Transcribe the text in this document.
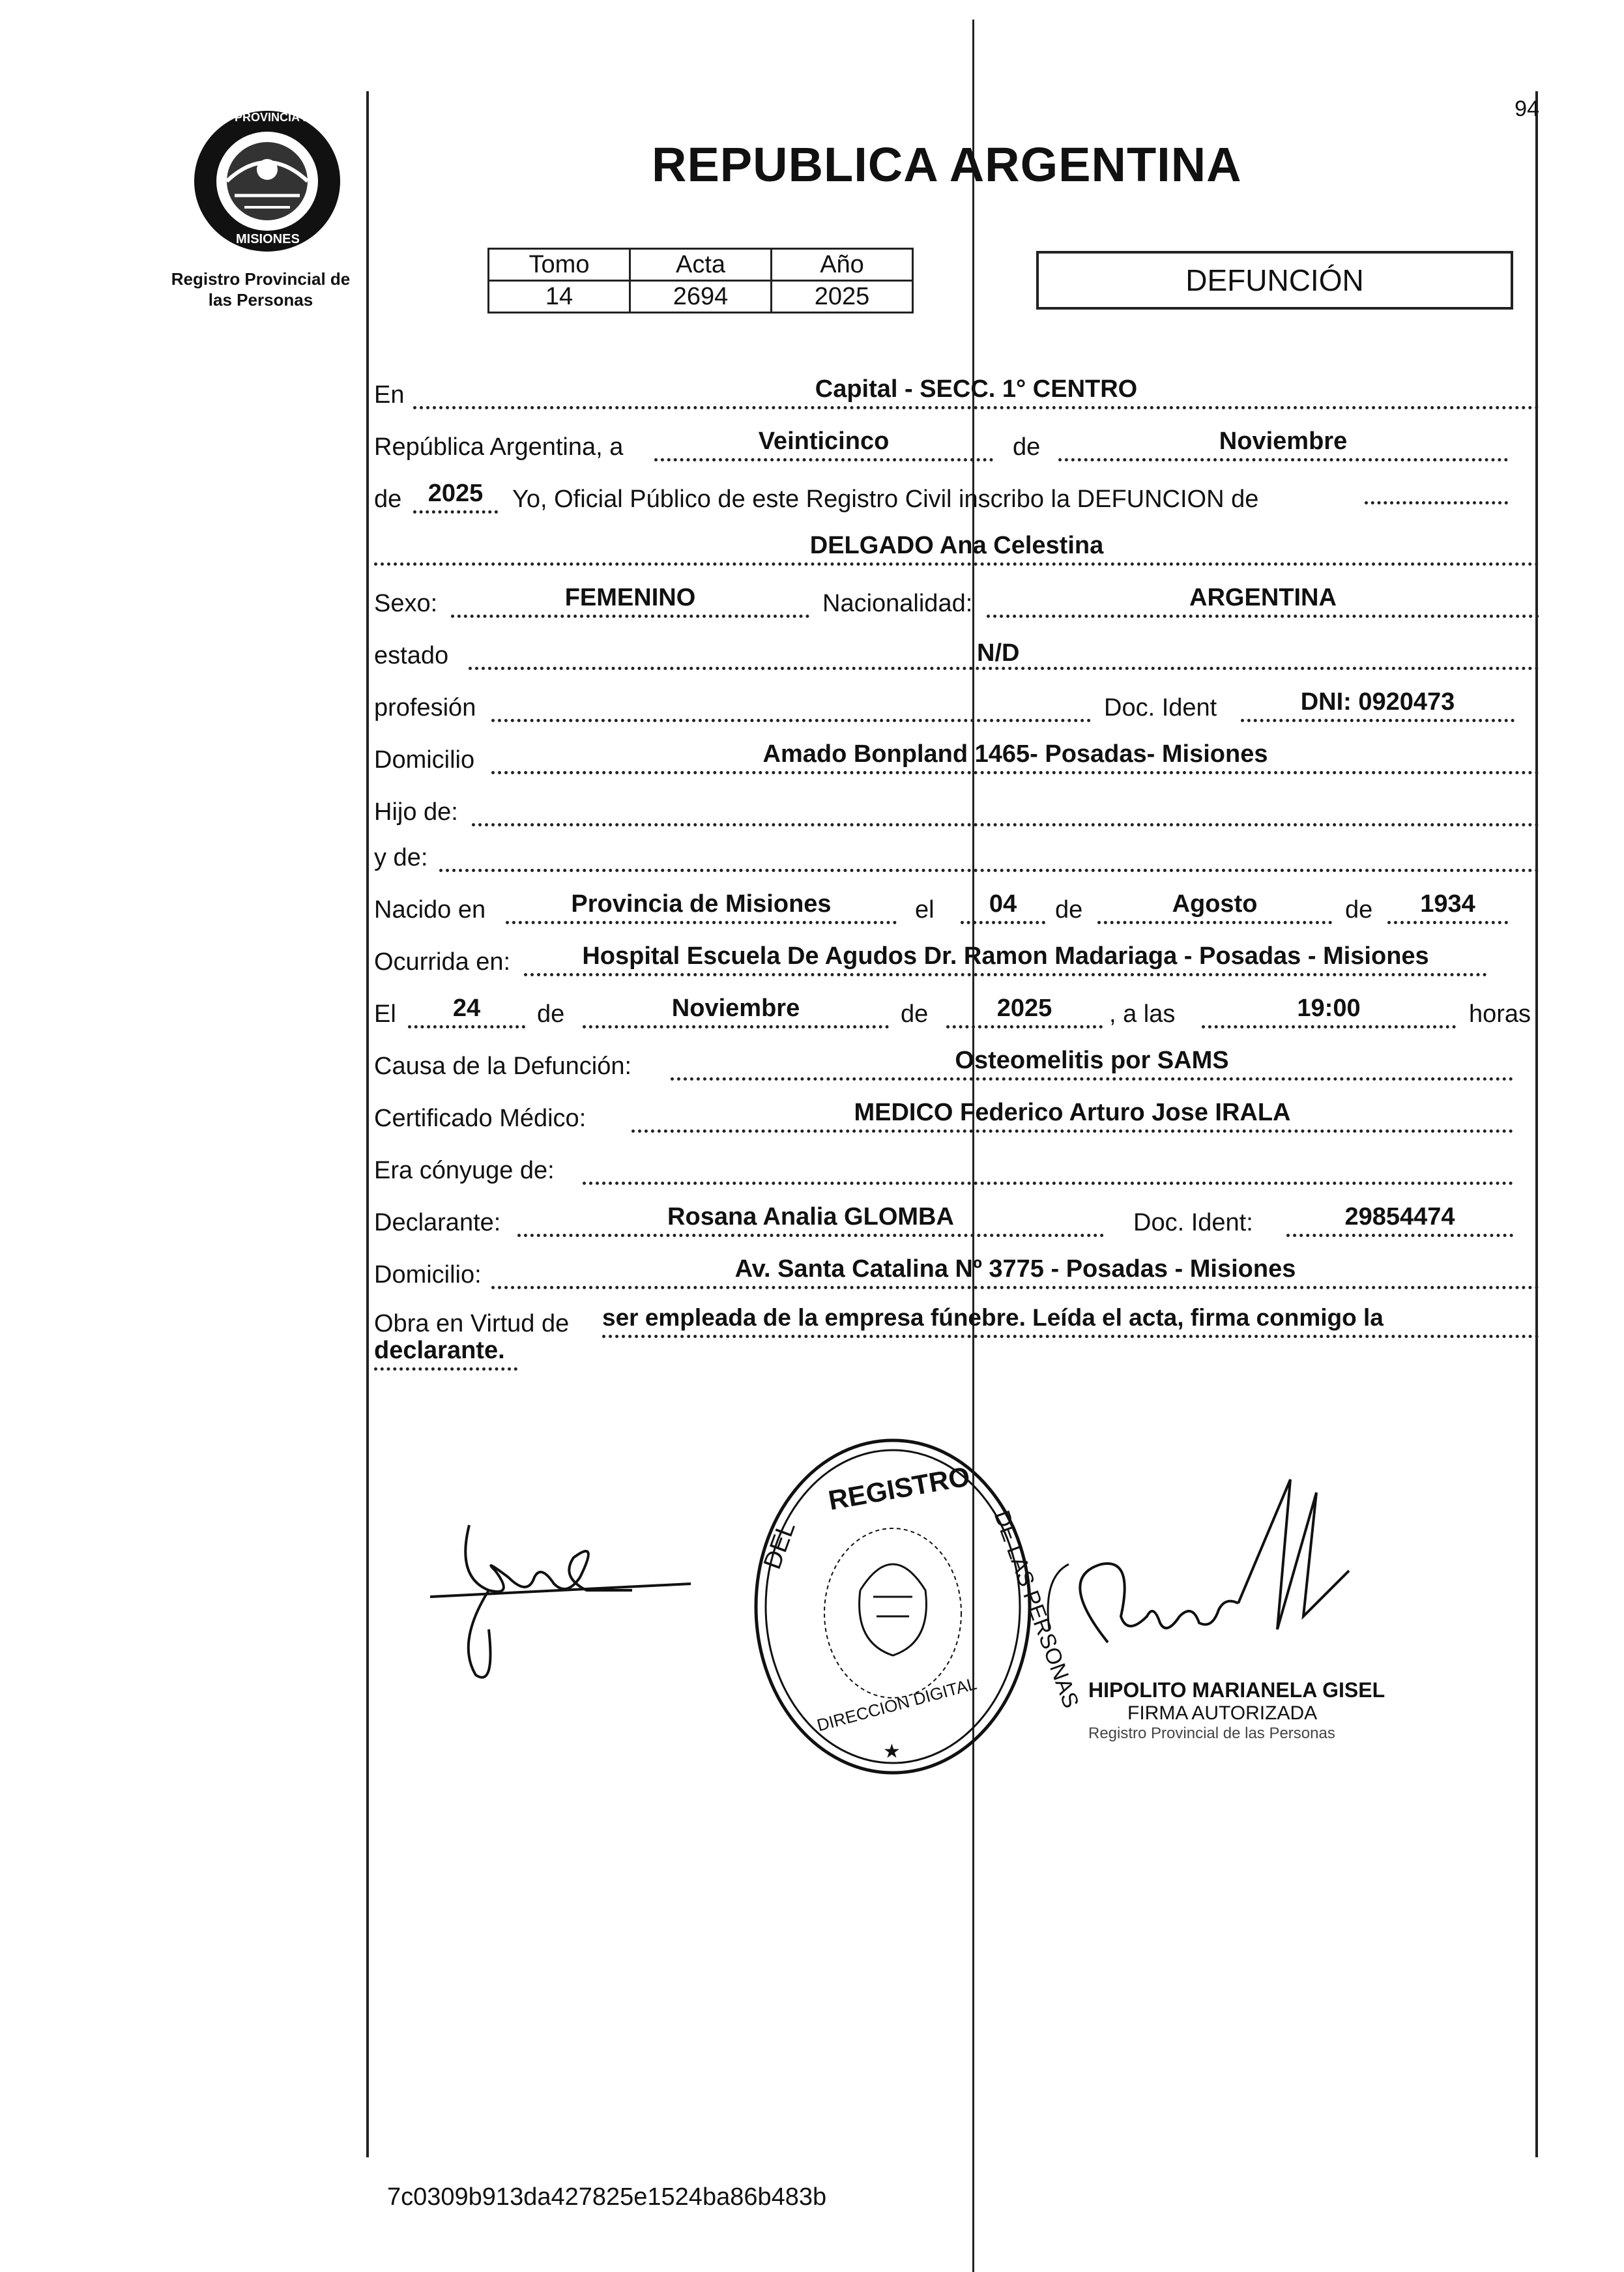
PROVINCIA DE
MISIONES
Registro Provincial de
las Personas
94
REPUBLICA ARGENTINA
Tomo	Acta	Año
14	2694	2025	DEFUNCIÓN
En	Capital - SECC. 1° CENTRO
República Argentina, a	Veinticinco	de	Noviembre
de	2025	Yo, Oficial Público de este Registro Civil inscribo la DEFUNCION de
DELGADO Ana Celestina
Sexo:	FEMENINO	Nacionalidad:	ARGENTINA
estado	N/D
profesión	Doc. Ident	DNI: 0920473
Domicilio	Amado Bonpland 1465- Posadas- Misiones
Hijo de:
y de:
Nacido en	Provincia de Misiones	el	04	de	Agosto	de	1934
Ocurrida en:	Hospital Escuela De Agudos Dr. Ramon Madariaga - Posadas - Misiones
El	24	de	Noviembre	de	2025	, a las	19:00	horas
Causa de la Defunción:	Osteomelitis por SAMS
Certificado Médico:	MEDICO Federico Arturo Jose IRALA
Era cónyuge de:
Declarante:	Rosana Analia GLOMBA	Doc. Ident:	29854474
Domicilio:	Av. Santa Catalina Nº 3775 - Posadas - Misiones
Obra en Virtud de ser empleada de la empresa fúnebre. Leída el acta, firma conmigo la
declarante.
REGISTRO
DEL	DE LAS PERSONAS
DIRECCION DIGITAL
★
HIPOLITO MARIANELA GISEL
FIRMA AUTORIZADA
Registro Provincial de las Personas
7c0309b913da427825e1524ba86b483b
